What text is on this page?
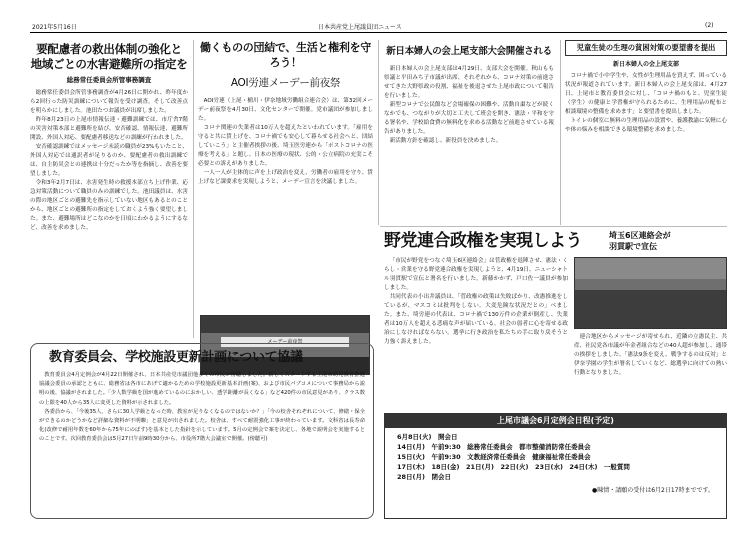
2021年5月16日	日本共産党上尾議員団ニュース	(2)
要配慮者の救出体制の強化と
地域ごとの水害避難所の指定を
総務常任委員会所管事務調査

総務常任委員会所管事務調査が4月26日に開かれ、昨年度から2回行った防災訓練について報告を受け調査。そして改善点を明らかにしました。池田たつお議員が出席しました。

昨年8月23日の上尾市情報伝達・避難訓練では、市庁舎7階の災害対策本部と避難所を結び、安否確認、情報伝達、避難所開設、外国人対応、要配慮者移送などの訓練が行われました。

安否確認訓練ではメッセージ未読の職員が23%もいたこと、外国人対応では通訳者が足りるのか、要配慮者の救出訓練では、自主防災会との連携は十分だったか等を指摘し、改善を要望しました。

令和3年2月7日は、水害発生時の救援本部立ち上げ作業、応急対策活動について職員のみの訓練でした。池田議員は、水害の際の地区ごとの避難先を指示していない地区もあるとのことから、地区ごとの避難所の指定をしておくよう強く要望しました。また、避難場所はどこなのかを日頃にわかるようにするなど、改善を求めました。

働くものの団結で、生活と権利を守ろう！
AOI労連メーデー前夜祭

AOI労連（上尾・桶川・伊奈地域労働組合連合会）は、第32回メーデー前夜祭を4月30日、文化センターで開催。党市議団が参加しました。

コロナ関連の失業者は10万人を超えたといわれています。「雇用を守ると共に賃上げを、コロナ禍でも安心して暮らせる社会へと、団結していこう」と主催者挨拶の後、埼玉医労連から「ポストコロナの医療を考える」と題し、日本の医療の現状、公的・公立病院の充実こそ必要との訴えがありました。

一人一人が主体的に声を上げ政治を変え、労働者の雇用を守り、賃上げなど課要求を実現しようと、メーデー宣言を決議しました。

メーデー前夜祭
新日本婦人の会上尾支部大会開催される

新日本婦人の会上尾支部は4月29日、支部大会を開催。秋山もも県議と平田みち子市議が出席、それぞれから、コロナ対策の前進させてきた大野県政の役割、福祉を後退させた上尾市政について報告を行いました。

新型コロナで公民館など会場確保の困難や、活動自粛などが続くなかでも、つながりが大切と工夫して班会を開き、憲法・平和を守る署名や、学校給食費の無料化を求める活動など前進させている報告がありました。

新活動方針を確認し、新役員を決めました。

児童生徒の生理の貧困対策の要望書を提出
新日本婦人の会上尾支部

コロナ禍で小中学生や、女性が生理用品を買えず、困っている状況が報道されています。新日本婦人の会上尾支部は、4月27日、上尾市と教育委員会に対し、「コロナ禍のもと、児童生徒（学生）の健康と学習権が守られるために、生理用品の配布と相談環境の整備を求めます」と要望書を提出しました。

トイレの個室に無料の生理用品の設置や、養護教諭に気軽に心や体の悩みを相談できる環境整備を求めました。

野党連合政権を実現しよう	埼玉6区連絡会が
羽貫駅で宣伝

「市民が野党をつなぐ埼玉6区連絡会」は菅政権を退陣させ、憲法・くらし・営業を守る野党連合政権を実現しようと、4月19日、ニューシャトル羽貫駅で宣伝と署名を行いました。新藤かかず、戸口佐一議員が参加しました。

共同代表の小出井議員は、「菅政権の政策は失敗ばかり、改憲推進をしているが、マスコミは批判をしない。大変危険な状況だとの」べました。また、埼労連の代表は、コロナ禍で130万件の企業が倒産し、失業者は10万人を超える悲痛な声が届いている。社会の弱者に心を寄せる政治にしなければならない。選挙に行き政治を私たちの手に取り戻そうと力強く訴えました。

連合地区からメッセージが寄せられ、近隣の立憲民主、共産、社民党各市議が年金者組合などの40人超が参加し、通帯の挨拶をしました。「憲法9条を変え、戦争するのは反対」と伊奈学園の学生が署名していくなど、総選挙に向けての熱い行動となりました。

教育委員会、学校施設更新計画について協議

教育委員会4月定例会が4月22日開催され、日本共産党市議団他多くの市民が傍聴しました。新しくスタートする上尾市幼児教育推進協議会委員の承認とともに、総務省は各市にあげて適かるための学校施設更新基本計画(案)、および市民パブコメについて事務局から説明の後、協議がされました。「少人数学級を国が進めているのにおかしい、透学距離が長くなる」など420件の市民意見があり、クラス数の上限を40人から35人に変更した資料が示されました。

各委員から、「今後35人、さらに30人学級となった時、教室が足りなくなるのではないか？」「今の校舎それぞれについて、修繕・保全ができるのかどうかなど詳細な資料が不明瞭」と意見が出されました。校舎は、すべて耐震強化工事が終わっています。文科省は長寿命化(改修で耐用年数を60年から75年にのばす)を基本とした指針を示しています。5月の定例会で案を決定し、各地で説明会を実施するとのことです。次回教育委員会は5月27日午前9時30分から、市役所7階大会議室で開催。(傍聴可)

上尾市議会6月定例会日程(予定)
6月8日(火)　開会日
14日(月)　午前9:30　総務常任委員会　都市整備消防常任委員会
15日(火)　午前9:30　文教経済常任委員会　健康福祉常任委員会
17日(木)　18日(金)　21日(月)　22日(火)　23日(水)　24日(木)　一般質問
28日(月)　閉会日
●陳情・請願の受付は6月2日17時までです。
